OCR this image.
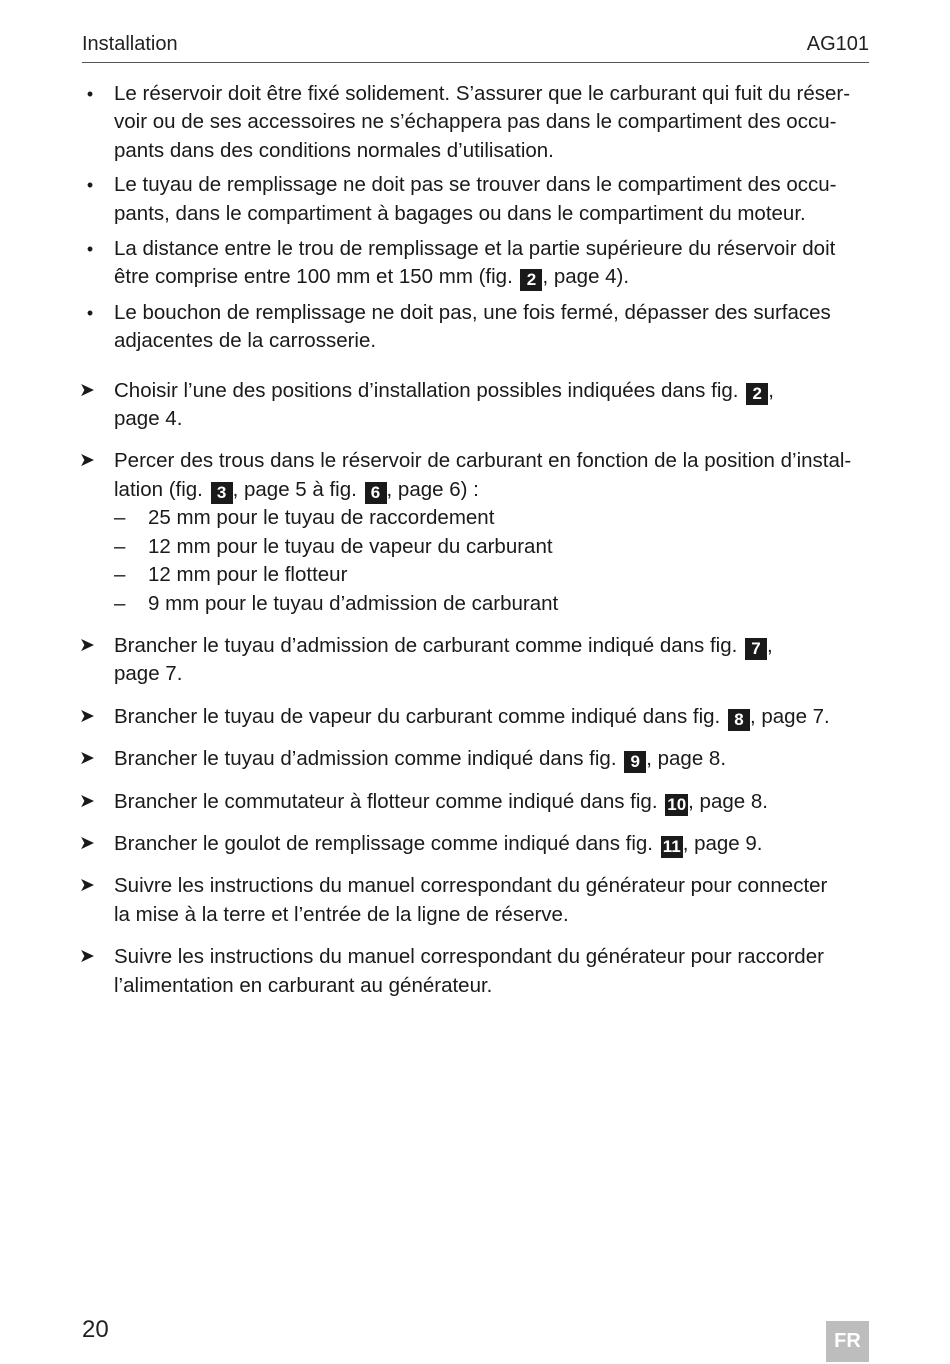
Installation	AG101
• Le réservoir doit être fixé solidement. S’assurer que le carburant qui fuit du réser-
voir ou de ses accessoires ne s’échappera pas dans le compartiment des occu-
pants dans des conditions normales d’utilisation.
• Le tuyau de remplissage ne doit pas se trouver dans le compartiment des occu-
pants, dans le compartiment à bagages ou dans le compartiment du moteur.
• La distance entre le trou de remplissage et la partie supérieure du réservoir doit
être comprise entre 100 mm et 150 mm (fig. 2 , page 4).
• Le bouchon de remplissage ne doit pas, une fois fermé, dépasser des surfaces
adjacentes de la carrosserie.
➤ Choisir l’une des positions d’installation possibles indiquées dans fig. 2 ,
page 4.
➤ Percer des trous dans le réservoir de carburant en fonction de la position d’instal-
lation (fig. 3 , page 5 à fig. 6 , page 6) :
– 25 mm pour le tuyau de raccordement
– 12 mm pour le tuyau de vapeur du carburant
– 12 mm pour le flotteur
– 9 mm pour le tuyau d’admission de carburant
➤ Brancher le tuyau d’admission de carburant comme indiqué dans fig. 7 ,
page 7.
➤ Brancher le tuyau de vapeur du carburant comme indiqué dans fig. 8 , page 7.
➤ Brancher le tuyau d’admission comme indiqué dans fig. 9 , page 8.
➤ Brancher le commutateur à flotteur comme indiqué dans fig. 10, page 8.
➤ Brancher le goulot de remplissage comme indiqué dans fig. 11, page 9.
➤ Suivre les instructions du manuel correspondant du générateur pour connecter
la mise à la terre et l’entrée de la ligne de réserve.
➤ Suivre les instructions du manuel correspondant du générateur pour raccorder
l’alimentation en carburant au générateur.
20	FR
